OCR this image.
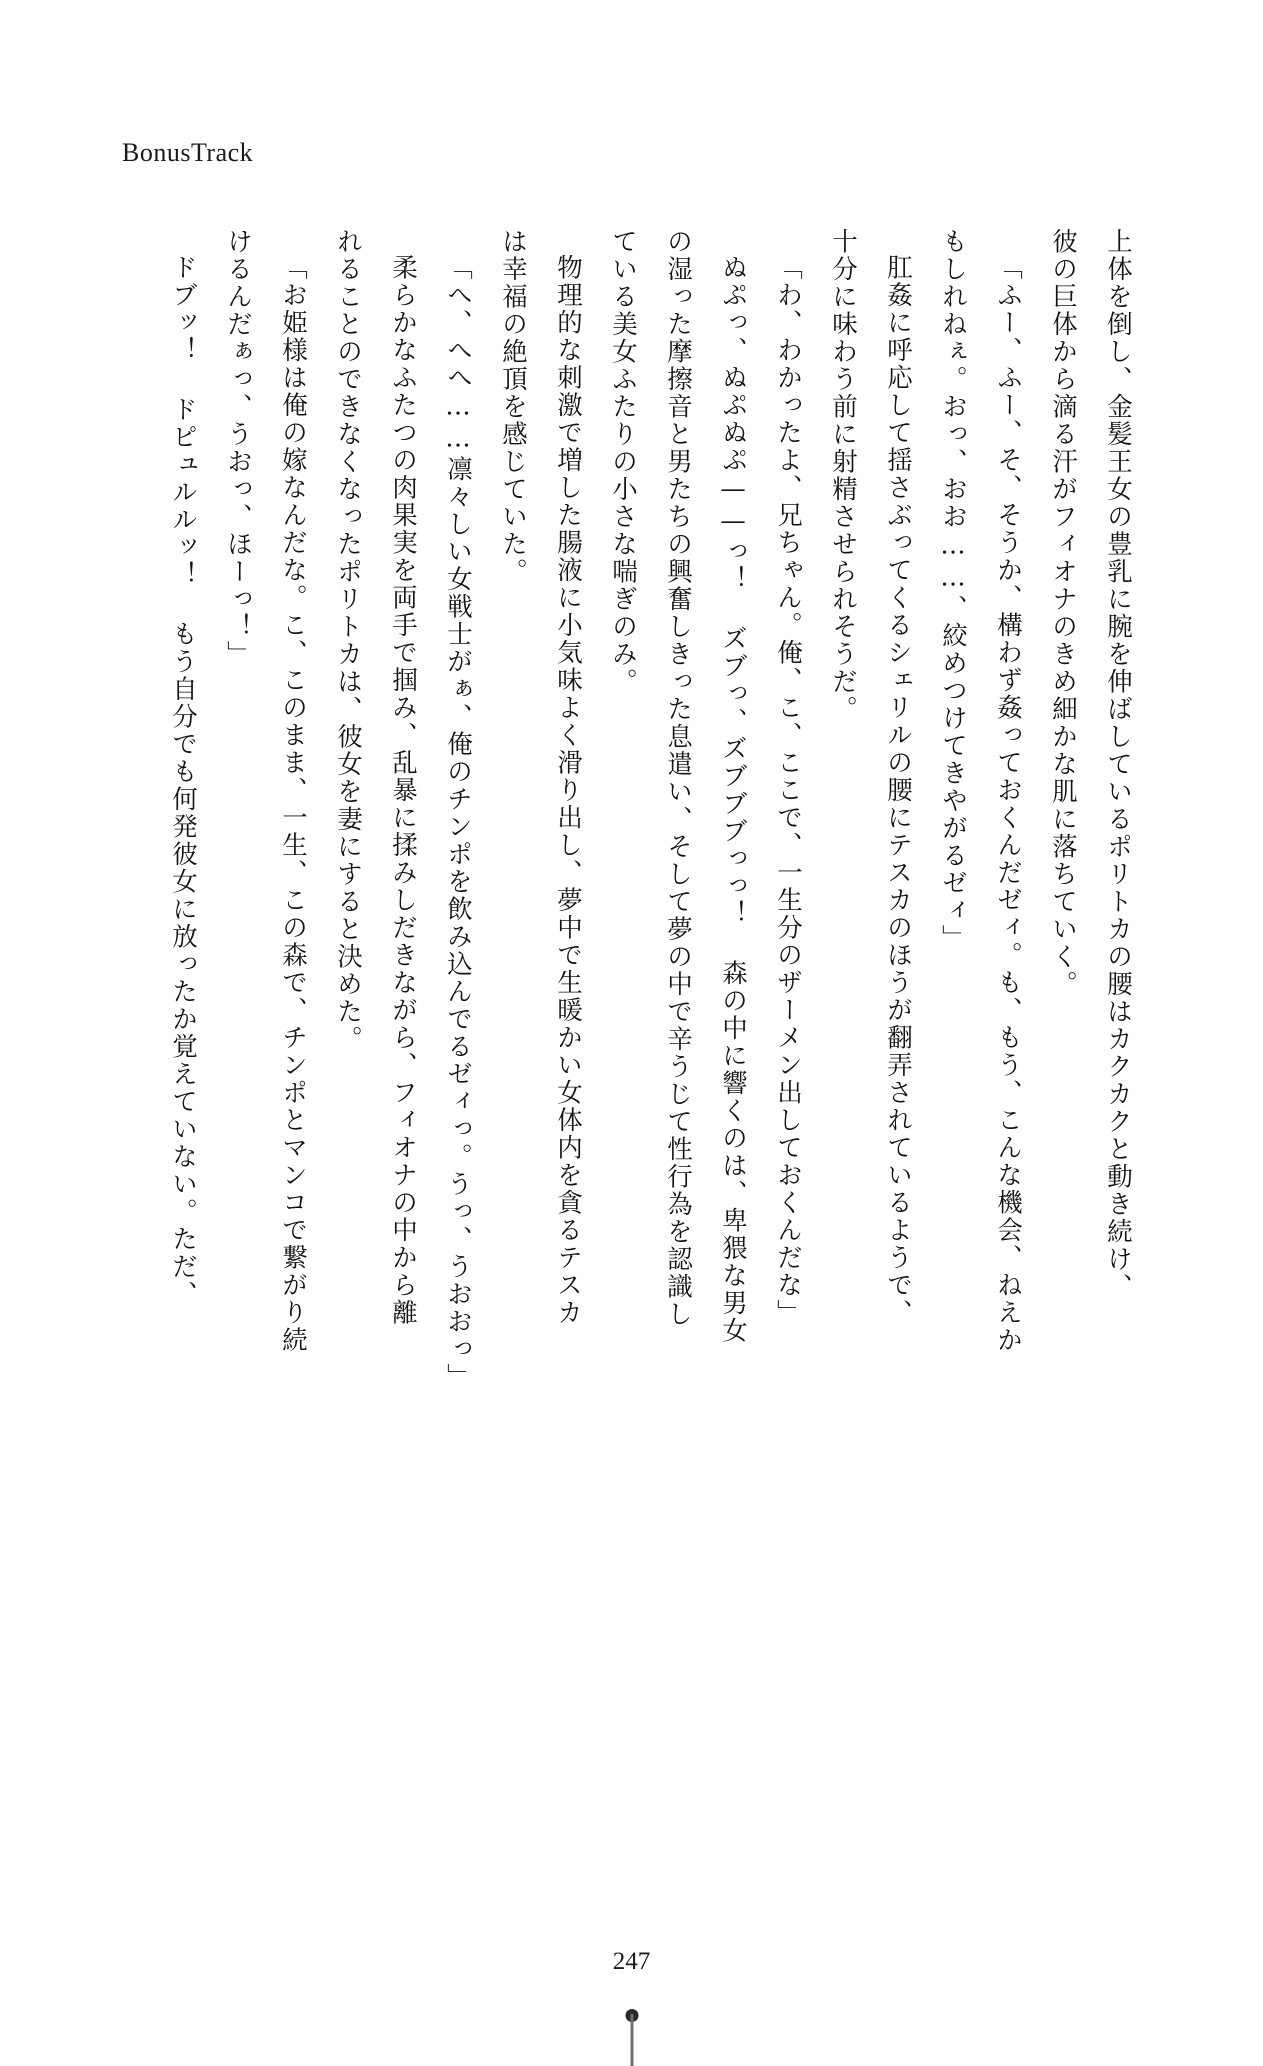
BonusTrack

上体を倒し、金髪王女の豊乳に腕を伸ばしているポリトカの腰はカクカクと動き続け、

彼の巨体から滴る汗がフィオナのきめ細かな肌に落ちていく。

「ふー、ふー、そ、そうか、構わず姦っておくんだゼィ。も、もう、こんな機会、ねえか

もしれねぇ。おっ、おお……、絞めつけてきやがるゼィ」

肛姦に呼応して揺さぶってくるシェリルの腰にテスカのほうが翻弄されているようで、

十分に味わう前に射精させられそうだ。

「わ、わかったよ、兄ちゃん。俺、こ、ここで、一生分のザーメン出しておくんだな」

ぬぷっ、ぬぷぬぷ——っ！ ズブっ、ズブブブっっ！ 森の中に響くのは、卑猥な男女

の湿った摩擦音と男たちの興奮しきった息遣い、そして夢の中で辛うじて性行為を認識し

ている美女ふたりの小さな喘ぎのみ。

物理的な刺激で増した腸液に小気味よく滑り出し、夢中で生暖かい女体内を貪るテスカ

は幸福の絶頂を感じていた。

「へ、へへ……凛々しい女戦士がぁ、俺のチンポを飲み込んでるゼィっ。うっ、うおおっ」

柔らかなふたつの肉果実を両手で掴み、乱暴に揉みしだきながら、フィオナの中から離

れることのできなくなったポリトカは、彼女を妻にすると決めた。

「お姫様は俺の嫁なんだな。こ、このまま、一生、この森で、チンポとマンコで繋がり続

けるんだぁっ、うおっ、ほーっ！」

ドブッ！ ドピュルルッ！ もう自分でも何発彼女に放ったか覚えていない。ただ、

247
